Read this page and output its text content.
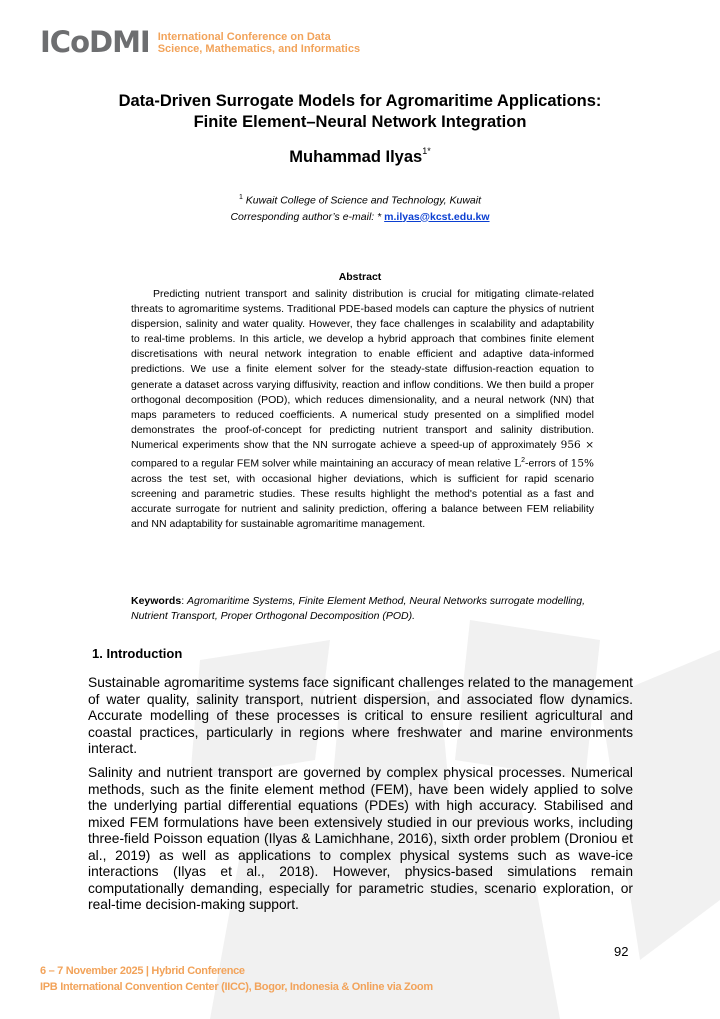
ICoDMI International Conference on Data
Science, Mathematics, and Informatics
Data-Driven Surrogate Models for Agromaritime Applications:
Finite Element–Neural Network Integration
Muhammad Ilyas$^{1*}$
$^1$ Kuwait College of Science and Technology, Kuwait
Corresponding author’s e-mail: * m.ilyas@kcst.edu.kw
Abstract

Predicting nutrient transport and salinity distribution is crucial for mitigating climate-related threats to agromaritime systems. Traditional PDE-based models can capture the physics of nutrient dispersion, salinity and water quality. However, they face challenges in scalability and adaptability to real-time problems. In this article, we develop a hybrid approach that combines finite element discretisations with neural network integration to enable efficient and adaptive data-informed predictions. We use a finite element solver for the steady-state diffusion-reaction equation to generate a dataset across varying diffusivity, reaction and inflow conditions. We then build a proper orthogonal decomposition (POD), which reduces dimensionality, and a neural network (NN) that maps parameters to reduced coefficients. A numerical study presented on a simplified model demonstrates the proof-of-concept for predicting nutrient transport and salinity distribution. Numerical experiments show that the NN surrogate achieve a speed-up of approximately 956 × compared to a regular FEM solver while maintaining an accuracy of mean relative $L^2$-errors of 15% across the test set, with occasional higher deviations, which is sufficient for rapid scenario screening and parametric studies. These results highlight the method's potential as a fast and accurate surrogate for nutrient and salinity prediction, offering a balance between FEM reliability and NN adaptability for sustainable agromaritime management.

Keywords: Agromaritime Systems, Finite Element Method, Neural Networks surrogate modelling, Nutrient Transport, Proper Orthogonal Decomposition (POD).

1. Introduction

Sustainable agromaritime systems face significant challenges related to the management of water quality, salinity transport, nutrient dispersion, and associated flow dynamics. Accurate modelling of these processes is critical to ensure resilient agricultural and coastal practices, particularly in regions where freshwater and marine environments interact.

Salinity and nutrient transport are governed by complex physical processes. Numerical methods, such as the finite element method (FEM), have been widely applied to solve the underlying partial differential equations (PDEs) with high accuracy. Stabilised and mixed FEM formulations have been extensively studied in our previous works, including three-field Poisson equation (Ilyas & Lamichhane, 2016), sixth order problem (Droniou et al., 2019) as well as applications to complex physical systems such as wave-ice interactions (Ilyas et al., 2018). However, physics-based simulations remain computationally demanding, especially for parametric studies, scenario exploration, or real-time decision-making support.

92
6 – 7 November 2025 | Hybrid Conference
IPB International Convention Center (IICC), Bogor, Indonesia & Online via Zoom
